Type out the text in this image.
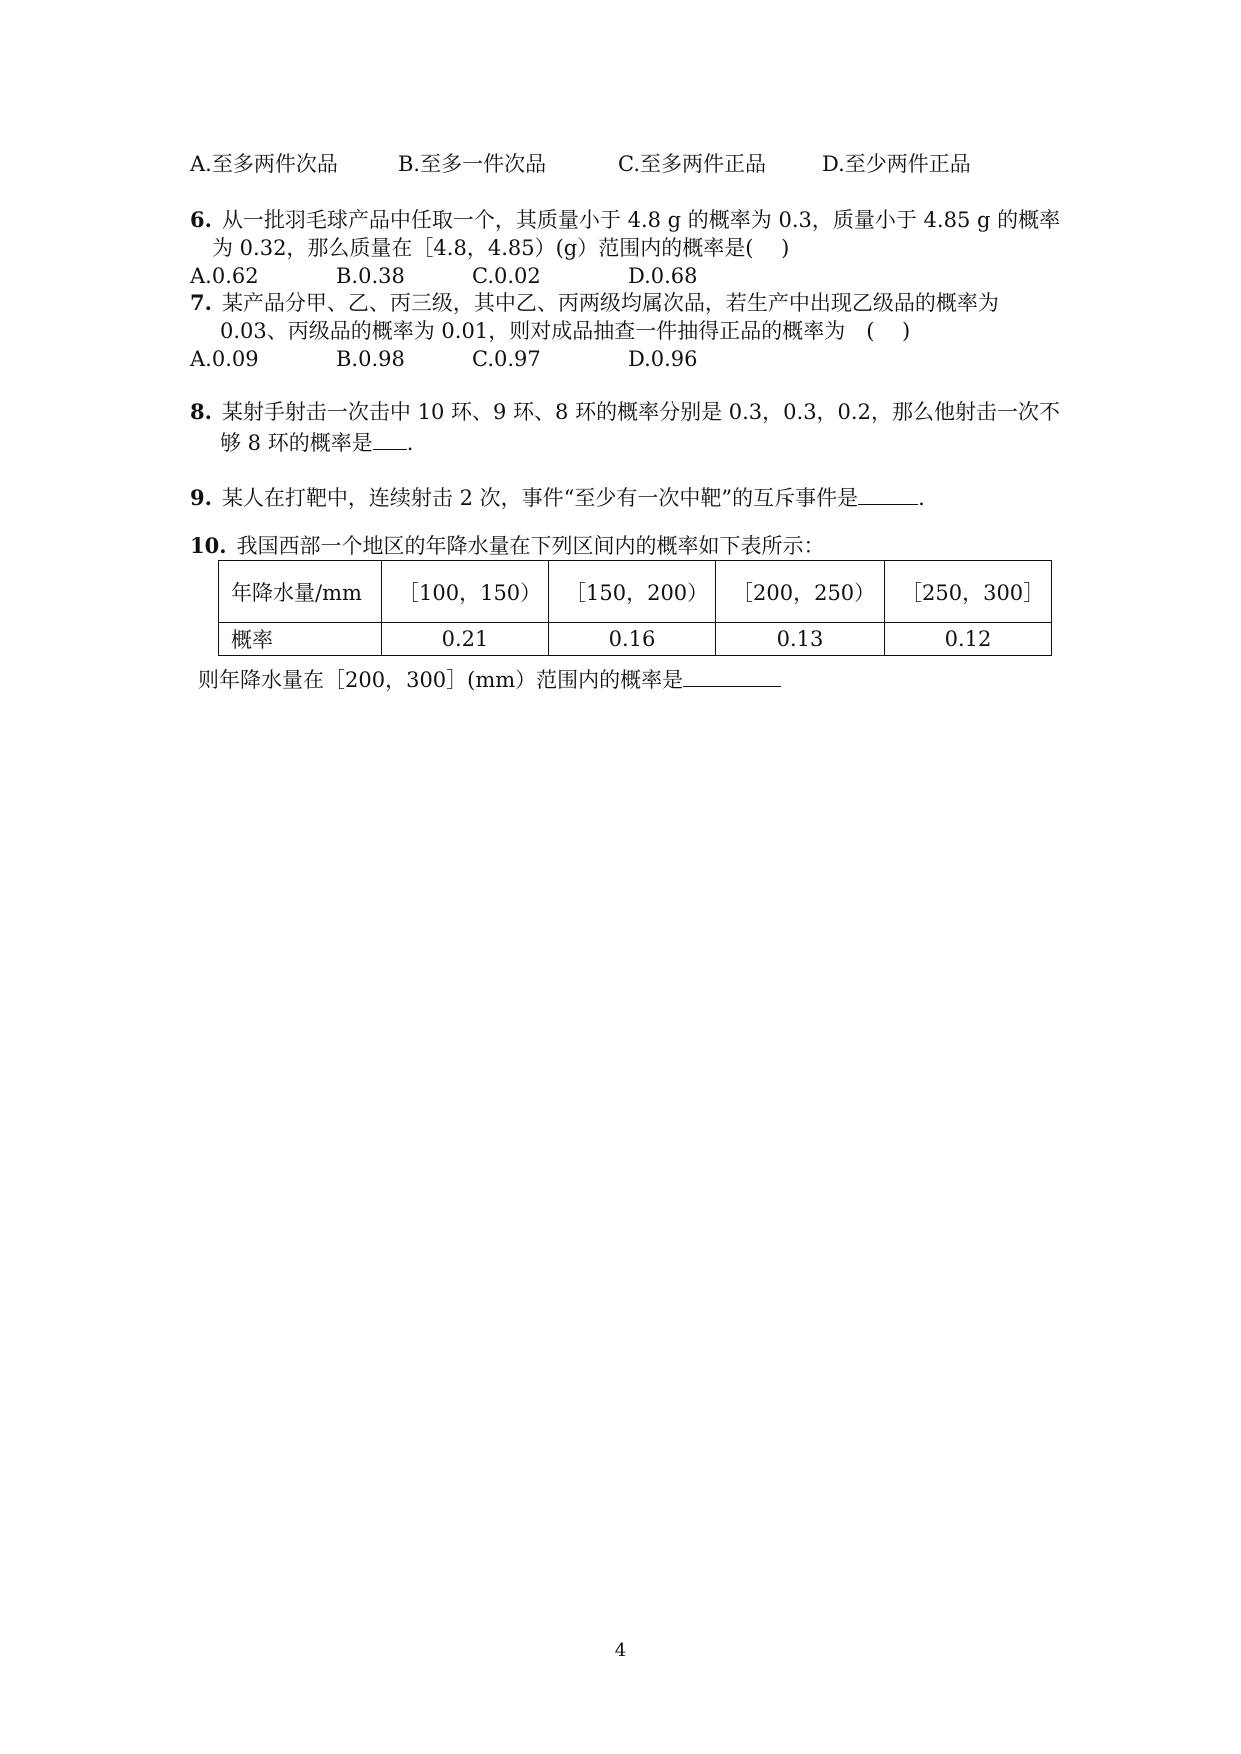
A.至多两件次品	B.至多一件次品	C.至多两件正品	D.至少两件正品
6. 从一批羽毛球产品中任取一个，其质量小于 4.8 g 的概率为 0.3，质量小于 4.85 g 的概率
为 0.32，那么质量在［4.8，4.85）(g）范围内的概率是(　 )
A.0.62	B.0.38	C.0.02	D.0.68
7. 某产品分甲、乙、丙三级，其中乙、丙两级均属次品，若生产中出现乙级品的概率为
0.03、丙级品的概率为 0.01，则对成品抽查一件抽得正品的概率为　(　 )
A.0.09	B.0.98	C.0.97	D.0.96
8. 某射手射击一次击中 10 环、9 环、8 环的概率分别是 0.3，0.3，0.2，那么他射击一次不
够 8 环的概率是 .
9. 某人在打靶中，连续射击 2 次，事件“至少有一次中靶”的互斥事件是	.
10. 我国西部一个地区的年降水量在下列区间内的概率如下表所示：
年降水量/mm	［100，150）	［150，200）	［200，250）	［250，300］
概率	0.21	0.16	0.13	0.12
则年降水量在［200，300］(mm）范围内的概率是
4
